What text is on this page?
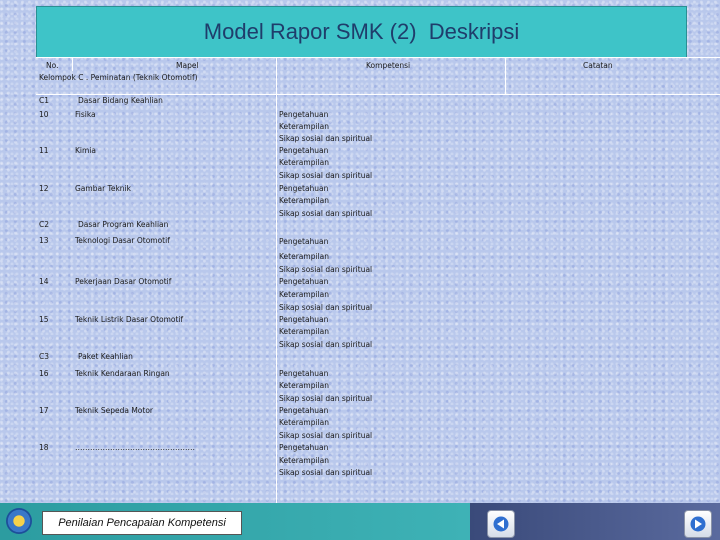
Model Rapor SMK (2)  Deskripsi
No.	Mapel	Kompetensi	Catatan
Kelompok C . Peminatan (Teknik Otomotif)
C1	Dasar Bidang Keahlian
10	Fisika	Pengetahuan
Keterampilan
Sikap sosial dan spiritual
11	Kimia	Pengetahuan
Keterampilan
Sikap sosial dan spiritual
12	Gambar Teknik	Pengetahuan
Keterampilan
Sikap sosial dan spiritual
C2	Dasar Program Keahlian
13	Teknologi Dasar Otomotif	Pengetahuan
Keterampilan
Sikap sosial dan spiritual
14	Pekerjaan Dasar Otomotif	Pengetahuan
Keterampilan
Sikap sosial dan spiritual
15	Teknik Listrik Dasar Otomotif	Pengetahuan
Keterampilan
Sikap sosial dan spiritual
C3	Paket Keahlian
16	Teknik Kendaraan Ringan	Pengetahuan
Keterampilan
Sikap sosial dan spiritual
17	Teknik Sepeda Motor	Pengetahuan
Keterampilan
Sikap sosial dan spiritual
18	…………………………………………	Pengetahuan
Keterampilan
Sikap sosial dan spiritual
Penilaian Pencapaian Kompetensi
